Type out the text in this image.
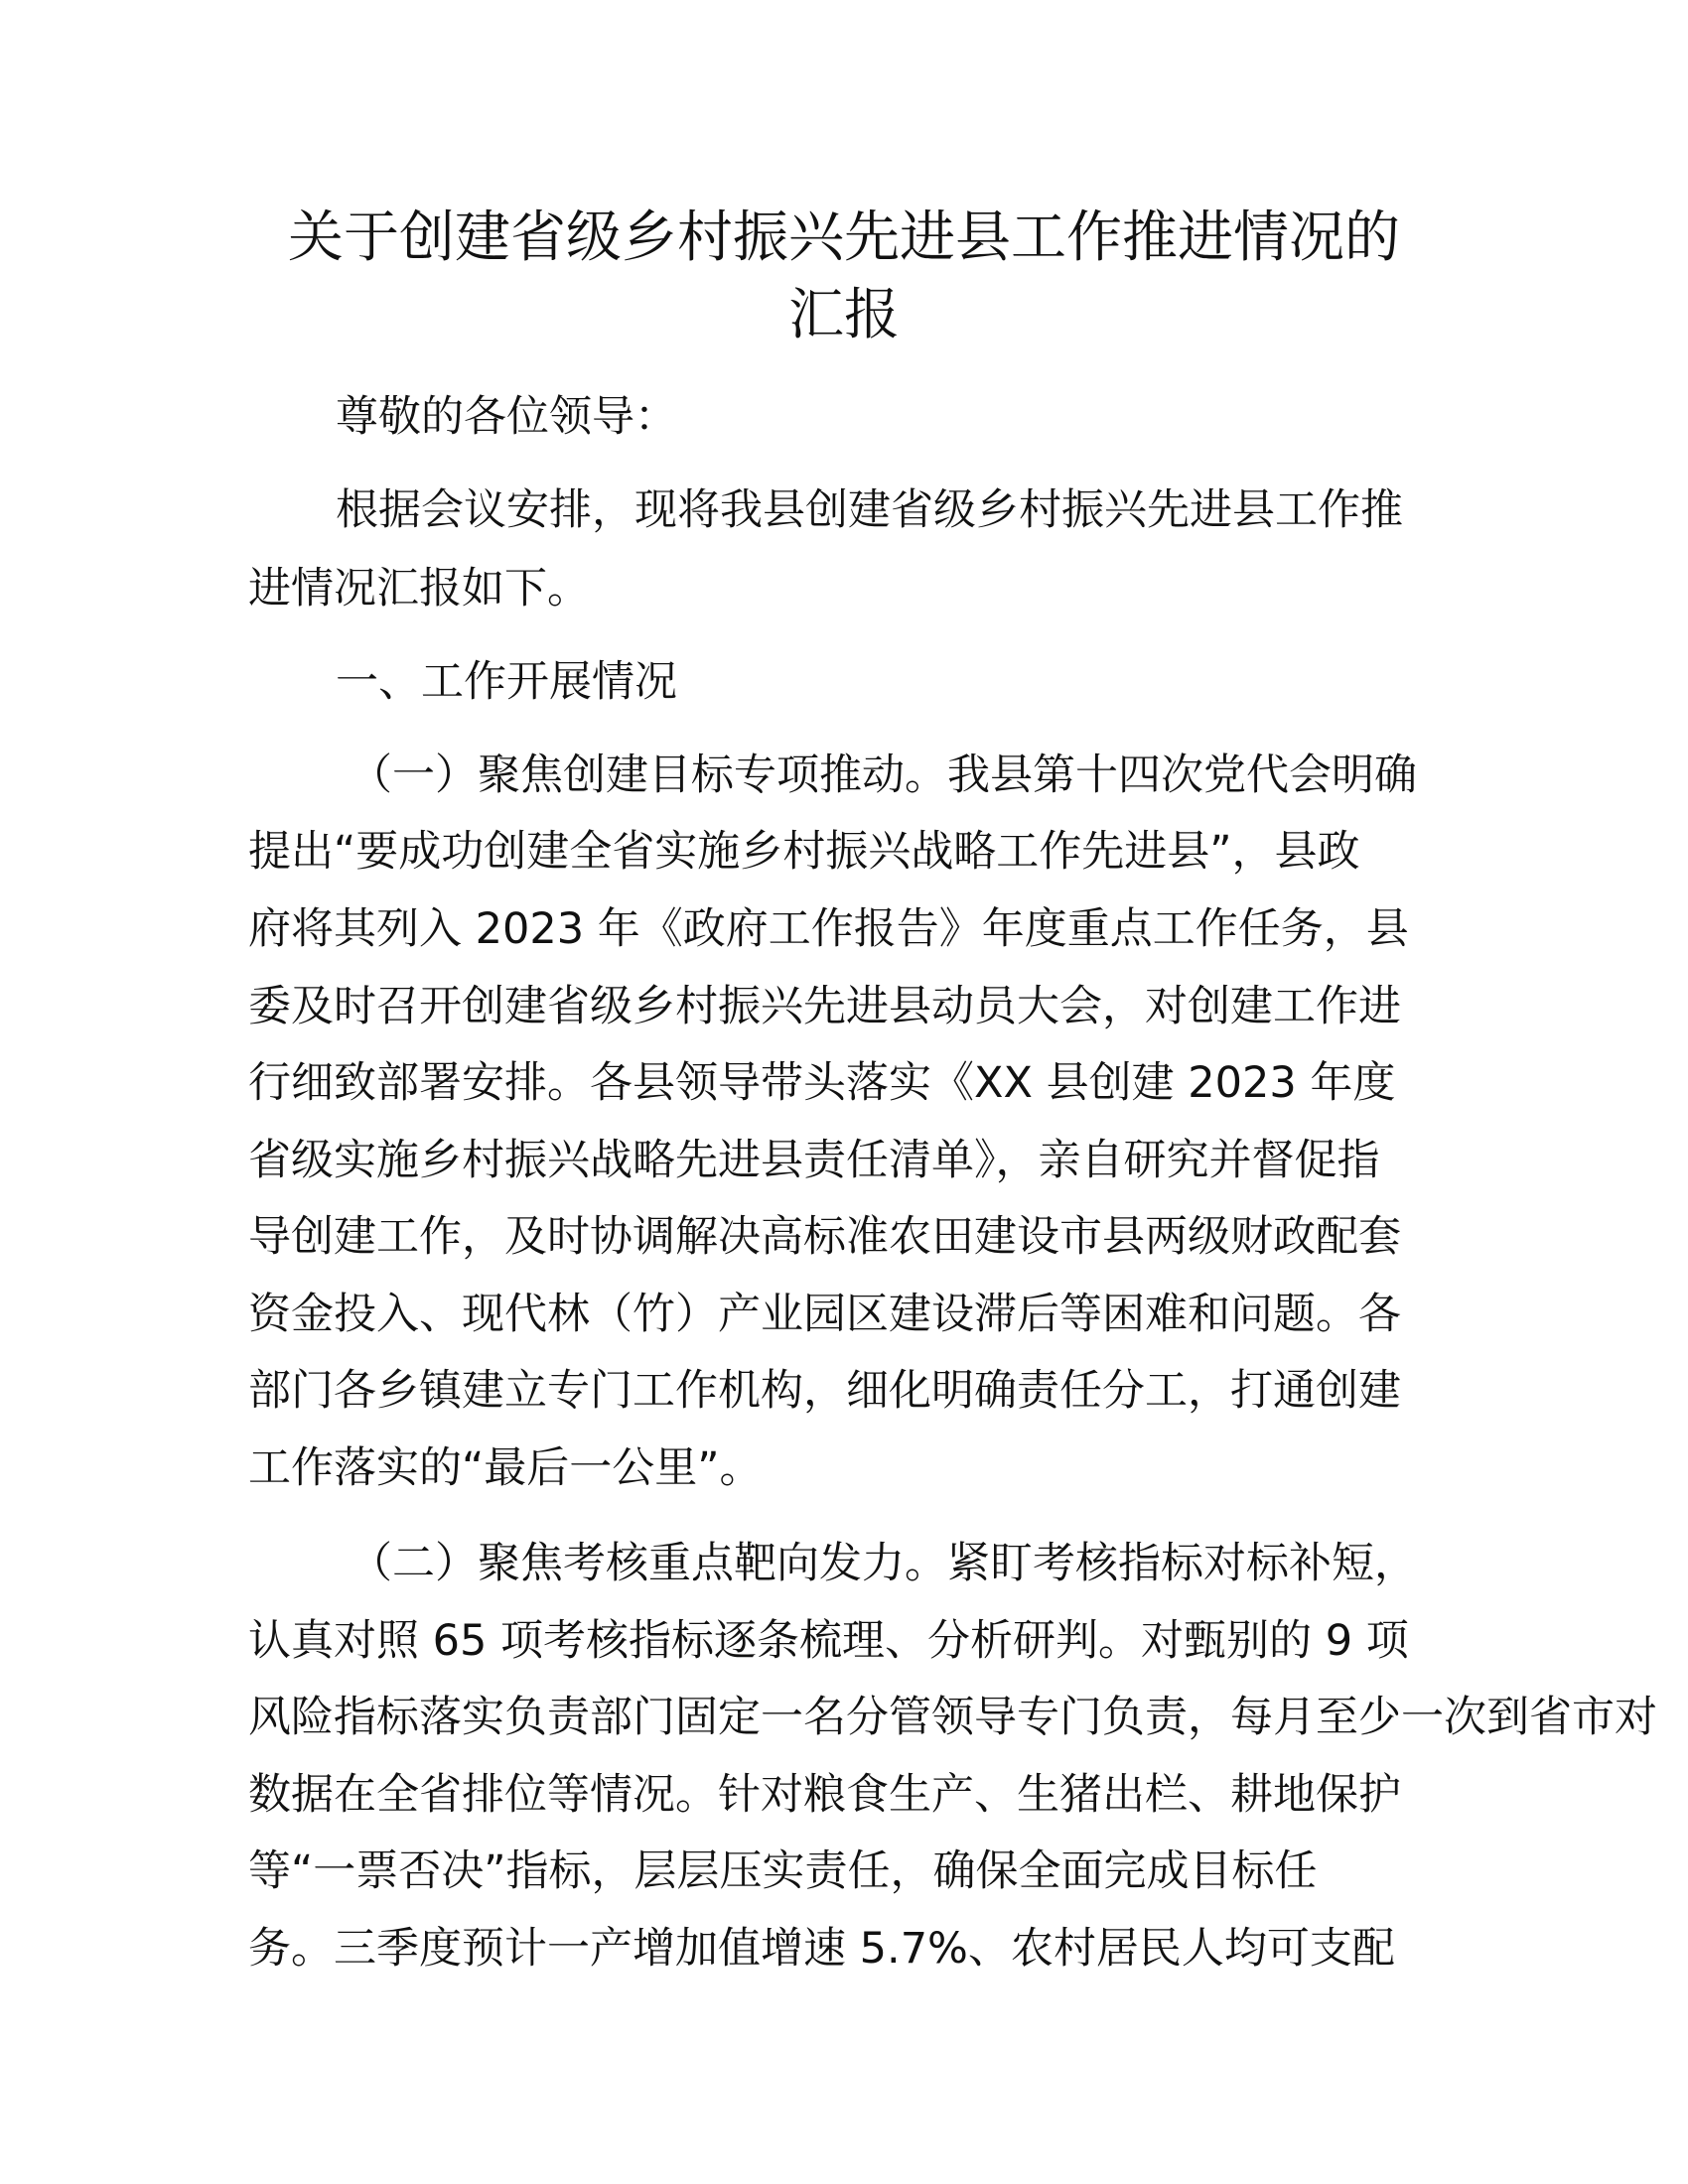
关于创建省级乡村振兴先进县工作推进情况的
汇报

尊敬的各位领导：

根据会议安排，现将我县创建省级乡村振兴先进县工作推

进情况汇报如下。

一、工作开展情况

（一）聚焦创建目标专项推动。我县第十四次党代会明确

提出“要成功创建全省实施乡村振兴战略工作先进县”，县政

府将其列入 2023 年《政府工作报告》年度重点工作任务，县

委及时召开创建省级乡村振兴先进县动员大会，对创建工作进

行细致部署安排。各县领导带头落实《XX 县创建 2023 年度

省级实施乡村振兴战略先进县责任清单》，亲自研究并督促指

导创建工作，及时协调解决高标准农田建设市县两级财政配套

资金投入、现代林（竹）产业园区建设滞后等困难和问题。各

部门各乡镇建立专门工作机构，细化明确责任分工，打通创建

工作落实的“最后一公里”。

（二）聚焦考核重点靶向发力。紧盯考核指标对标补短，

认真对照 65 项考核指标逐条梳理、分析研判。对甄别的 9 项

风险指标落实负责部门固定一名分管领导专门负责，每月至少一次到省市对

数据在全省排位等情况。针对粮食生产、生猪出栏、耕地保护

等“一票否决”指标，层层压实责任，确保全面完成目标任

务。三季度预计一产增加值增速 5.7%、农村居民人均可支配
